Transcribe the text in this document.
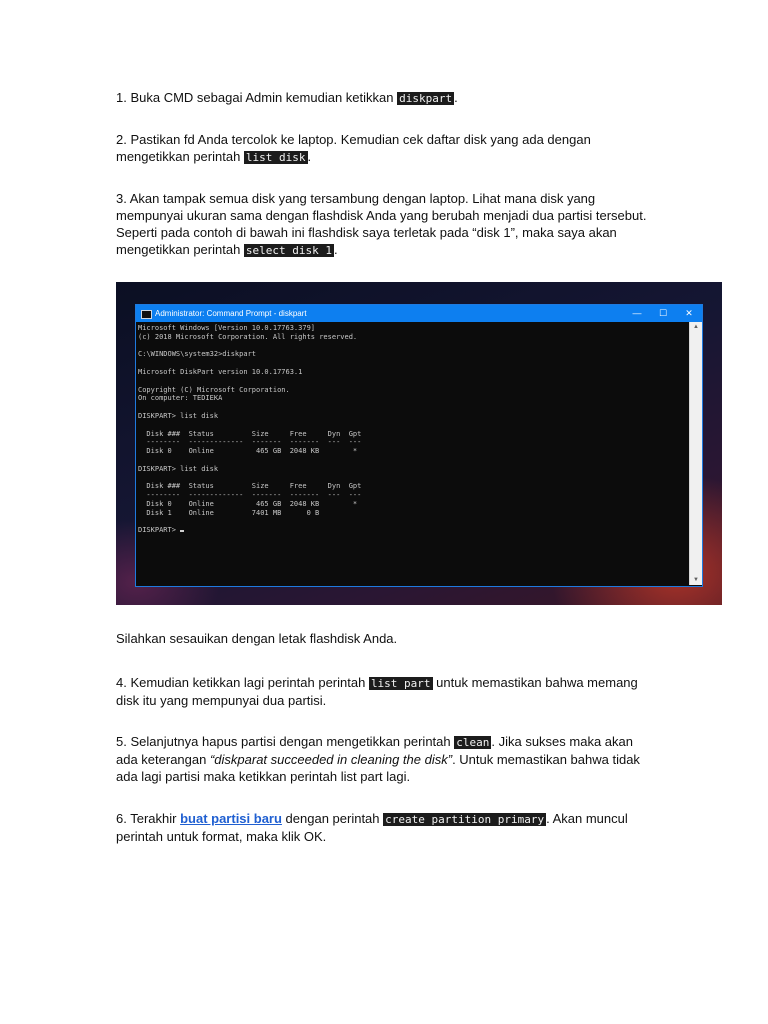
1. Buka CMD sebagai Admin kemudian ketikkan diskpart .

2. Pastikan fd Anda tercolok ke laptop. Kemudian cek daftar disk yang ada dengan mengetikkan perintah list disk .

3. Akan tampak semua disk yang tersambung dengan laptop. Lihat mana disk yang mempunyai ukuran sama dengan flashdisk Anda yang berubah menjadi dua partisi tersebut. Seperti pada contoh di bawah ini flashdisk saya terletak pada “disk 1”, maka saya akan mengetikkan perintah select disk 1 .

Administrator: Command Prompt - diskpart	—	☐	✕
Microsoft Windows [Version 10.0.17763.379]
(c) 2018 Microsoft Corporation. All rights reserved.
C:\WINDOWS\system32>diskpart
Microsoft DiskPart version 10.0.17763.1
Copyright (C) Microsoft Corporation.
On computer: TEDIEKA
DISKPART> list disk
Disk ###  Status         Size     Free     Dyn  Gpt
--------  -------------  -------  -------  ---  ---
Disk 0    Online          465 GB  2048 KB        *
DISKPART> list disk
Disk ###  Status         Size     Free     Dyn  Gpt
--------  -------------  -------  -------  ---  ---
Disk 0    Online          465 GB  2048 KB        *
Disk 1    Online         7401 MB      0 B
DISKPART>
▲
▼

Silahkan sesauikan dengan letak flashdisk Anda.

4. Kemudian ketikkan lagi perintah perintah list part untuk memastikan bahwa memang disk itu yang mempunyai dua partisi.

5. Selanjutnya hapus partisi dengan mengetikkan perintah clean . Jika sukses maka akan ada keterangan “diskparat succeeded in cleaning the disk”. Untuk memastikan bahwa tidak ada lagi partisi maka ketikkan perintah list part lagi.

6. Terakhir buat partisi baru dengan perintah create partition primary . Akan muncul perintah untuk format, maka klik OK.
